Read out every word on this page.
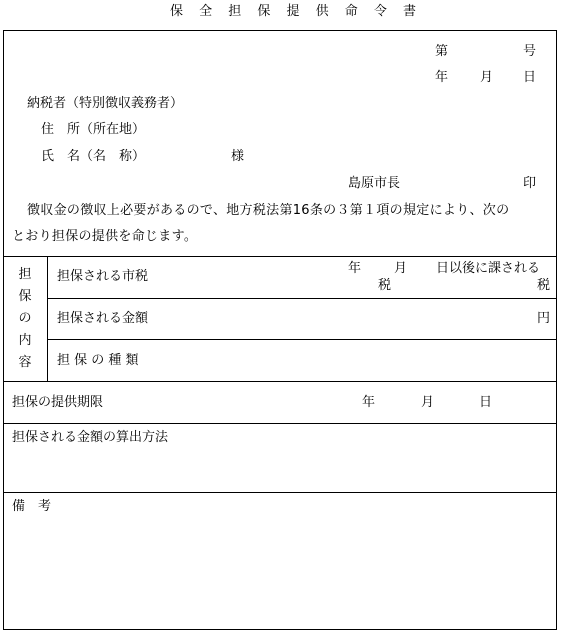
保 全 担 保 提 供 命 令 書
第	号
年 月 日
納税者（特別徴収義務者）
住　所（所在地）
氏　名（名　称）	様
島原市長	印
徴収金の徴収上必要があるので、地方税法第16条の３第１項の規定により、次の
とおり担保の提供を命じます。
担
保
の
内
容
担保される市税
年	月 日以後に課される
税	税
担保される金額	円
担 保 の 種 類
担保の提供期限	年	月	日
担保される金額の算出方法
備　考
